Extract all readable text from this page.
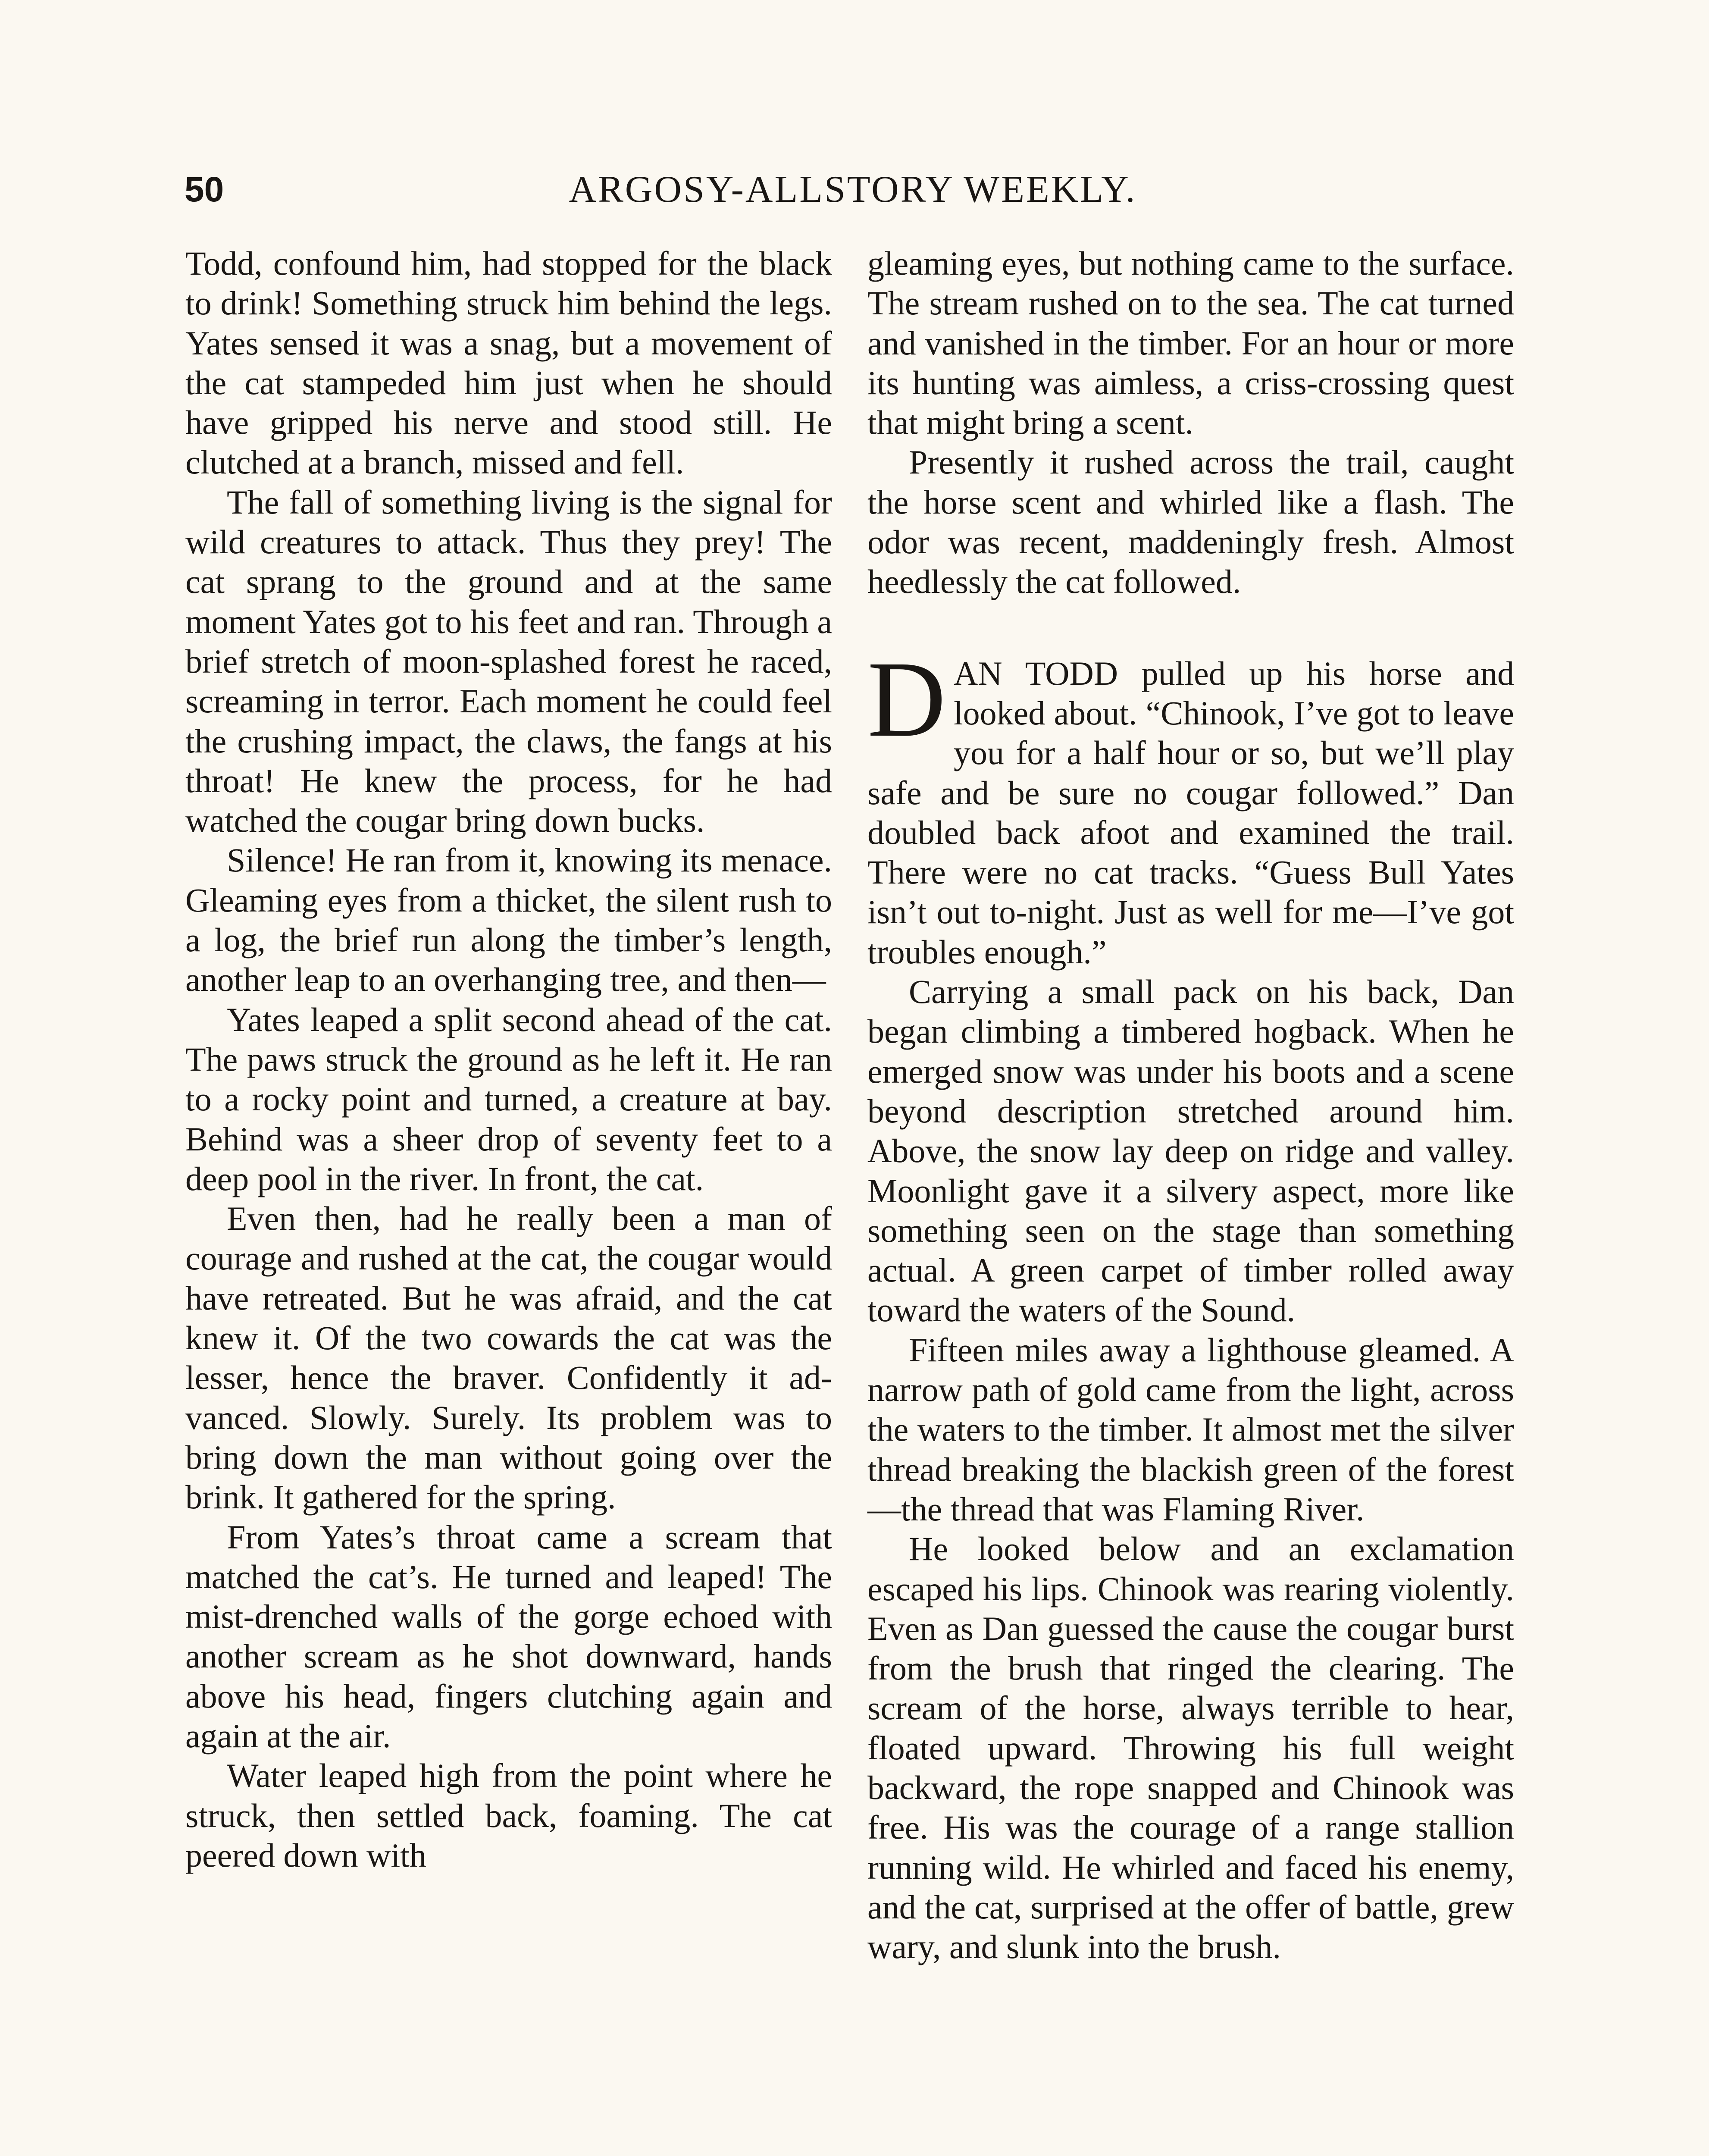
50	ARGOSY-ALLSTORY WEEKLY.

Todd, confound him, had stopped for the black to drink! Something struck him behind the legs. Yates sensed it was a snag, but a movement of the cat stampeded him just when he should have gripped his nerve and stood still. He clutched at a branch, missed and fell.

The fall of something living is the signal for wild creatures to attack. Thus they prey! The cat sprang to the ground and at the same moment Yates got to his feet and ran. Through a brief stretch of moon-splashed forest he raced, screaming in terror. Each moment he could feel the crushing impact, the claws, the fangs at his throat! He knew the process, for he had watched the cougar bring down bucks.

Silence! He ran from it, knowing its menace. Gleaming eyes from a thicket, the silent rush to a log, the brief run along the timber’s length, another leap to an overhanging tree, and then—

Yates leaped a split second ahead of the cat. The paws struck the ground as he left it. He ran to a rocky point and turned, a creature at bay. Behind was a sheer drop of seventy feet to a deep pool in the river. In front, the cat.

Even then, had he really been a man of courage and rushed at the cat, the cougar would have retreated. But he was afraid, and the cat knew it. Of the two cowards the cat was the lesser, hence the braver. Confidently it advanced. Slowly. Surely. Its problem was to bring down the man without going over the brink. It gathered for the spring.

From Yates’s throat came a scream that matched the cat’s. He turned and leaped! The mist-drenched walls of the gorge echoed with another scream as he shot downward, hands above his head, fingers clutching again and again at the air.

Water leaped high from the point where he struck, then settled back, foaming. The cat peered down with

gleaming eyes, but nothing came to the surface. The stream rushed on to the sea. The cat turned and vanished in the timber. For an hour or more its hunting was aimless, a criss-crossing quest that might bring a scent.

Presently it rushed across the trail, caught the horse scent and whirled like a flash. The odor was recent, maddeningly fresh. Almost heedlessly the cat followed.

DAN TODD pulled up his horse and looked about. “Chinook, I’ve got to leave you for a half hour or so, but we’ll play safe and be sure no cougar followed.” Dan doubled back afoot and examined the trail. There were no cat tracks. “Guess Bull Yates isn’t out to-night. Just as well for me—I’ve got troubles enough.”

Carrying a small pack on his back, Dan began climbing a timbered hogback. When he emerged snow was under his boots and a scene beyond description stretched around him. Above, the snow lay deep on ridge and valley. Moonlight gave it a silvery aspect, more like something seen on the stage than something actual. A green carpet of timber rolled away toward the waters of the Sound.

Fifteen miles away a lighthouse gleamed. A narrow path of gold came from the light, across the waters to the timber. It almost met the silver thread breaking the blackish green of the forest—the thread that was Flaming River.

He looked below and an exclamation escaped his lips. Chinook was rearing violently. Even as Dan guessed the cause the cougar burst from the brush that ringed the clearing. The scream of the horse, always terrible to hear, floated upward. Throwing his full weight backward, the rope snapped and Chinook was free. His was the courage of a range stallion running wild. He whirled and faced his enemy, and the cat, surprised at the offer of battle, grew wary, and slunk into the brush.
